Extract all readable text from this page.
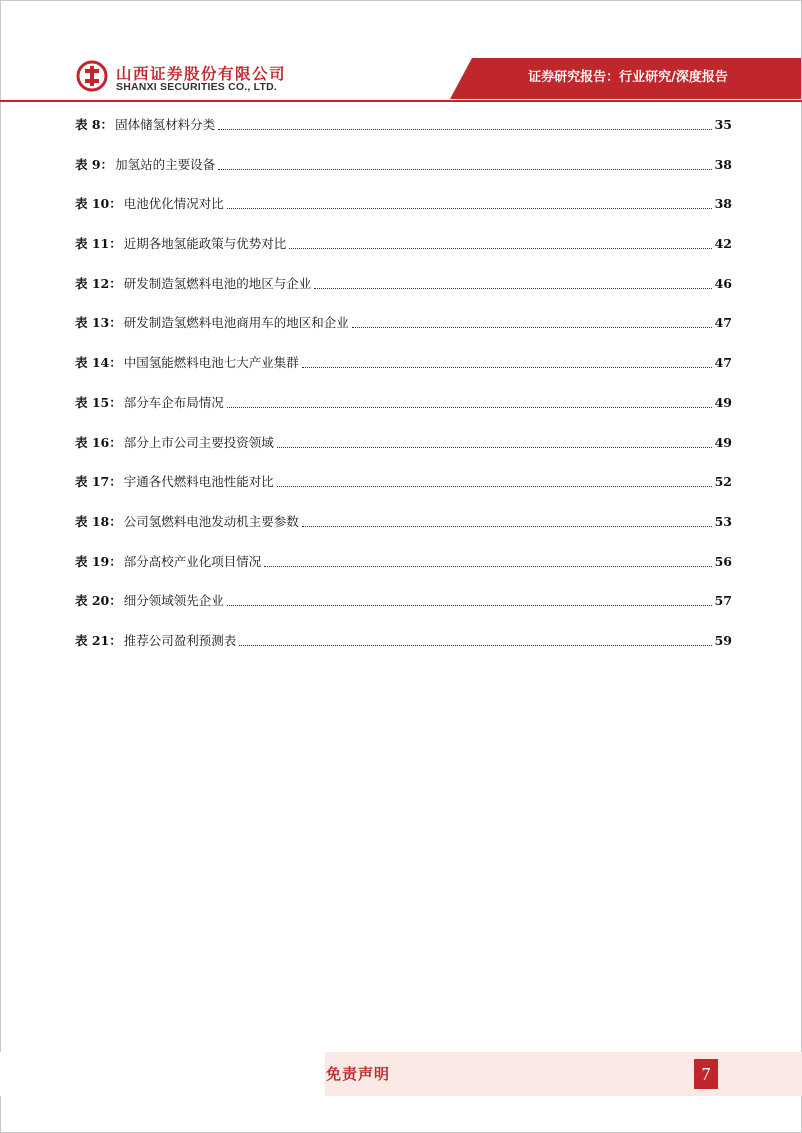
山西证券股份有限公司
SHANXI SECURITIES CO., LTD.
证券研究报告：行业研究/深度报告
表 8： 固体储氢材料分类	35
表 9： 加氢站的主要设备	38
表 10： 电池优化情况对比	38
表 11： 近期各地氢能政策与优势对比	42
表 12： 研发制造氢燃料电池的地区与企业	46
表 13： 研发制造氢燃料电池商用车的地区和企业	47
表 14： 中国氢能燃料电池七大产业集群	47
表 15： 部分车企布局情况	49
表 16： 部分上市公司主要投资领域	49
表 17： 宇通各代燃料电池性能对比	52
表 18： 公司氢燃料电池发动机主要参数	53
表 19： 部分高校产业化项目情况	56
表 20： 细分领域领先企业	57
表 21： 推荐公司盈利预测表	59
免责声明	7
